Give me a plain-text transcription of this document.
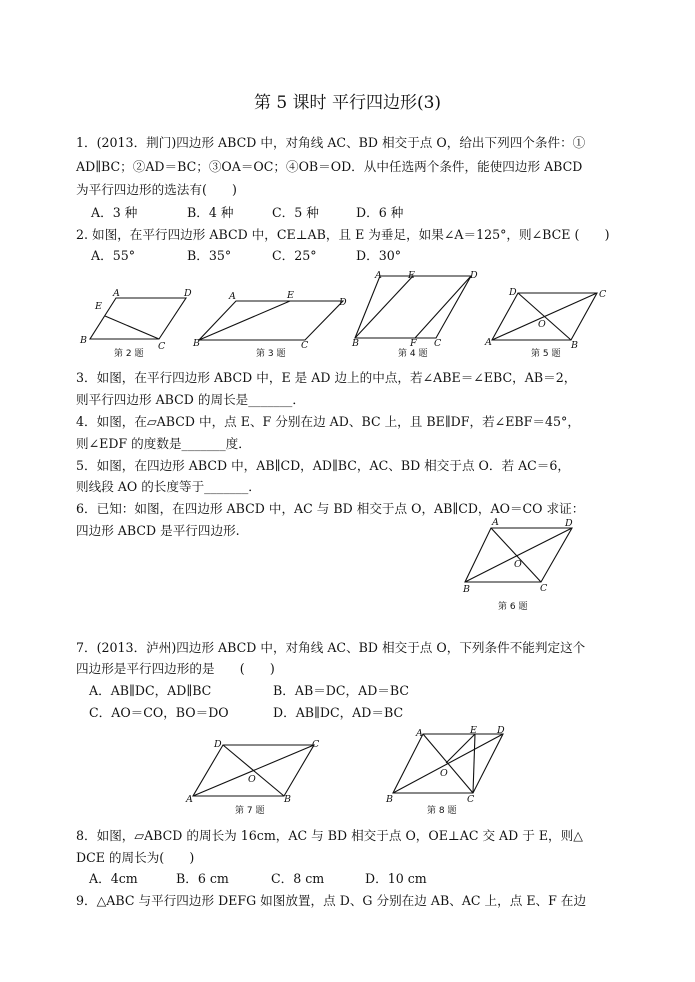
第 5 课时 平行四边形(3)
1．(2013．荆门)四边形 ABCD 中，对角线 AC、BD 相交于点 O，给出下列四个条件：①
AD∥BC；②AD＝BC；③OA＝OC；④OB＝OD．从中任选两个条件，能使四边形 ABCD
为平行四边形的选法有(　　)
A．3 种	B．4 种	C．5 种	D．6 种
2. 如图，在平行四边形 ABCD 中，CE⊥AB，且 E 为垂足，如果∠A＝125°，则∠BCE (　　)
A．55°	B．35°	C．25°	D．30°
A	D
E
B
C
第 2 题
A	E
D
B	C
第 3 题
A	E	D
B	F C
第 4 题
D	C
O
A	B
第 5 题
3．如图，在平行四边形 ABCD 中，E 是 AD 边上的中点，若∠ABE＝∠EBC，AB＝2，
则平行四边形 ABCD 的周长是_______．
4．如图，在▱ABCD 中，点 E、F 分别在边 AD、BC 上，且 BE∥DF，若∠EBF＝45°，
则∠EDF 的度数是_______度．
5．如图，在四边形 ABCD 中，AB∥CD，AD∥BC，AC、BD 相交于点 O．若 AC＝6，
则线段 AO 的长度等于_______．
6．已知：如图，在四边形 ABCD 中，AC 与 BD 相交于点 O，AB∥CD，AO＝CO 求证：
四边形 ABCD 是平行四边形.
A	D
O
B	C
第 6 题
7．(2013．泸州)四边形 ABCD 中，对角线 AC、BD 相交于点 O，下列条件不能判定这个
四边形是平行四边形的是　　(　　)
A．AB∥DC，AD∥BC	B．AB＝DC，AD＝BC
C．AO＝CO，BO＝DO	D．AB∥DC，AD＝BC
D	C
O
A	B
第 7 题
A	E D
O
B	C
第 8 题
8．如图，▱ABCD 的周长为 16cm，AC 与 BD 相交于点 O，OE⊥AC 交 AD 于 E，则△
DCE 的周长为(　　)
A．4cm	B．6 cm	C．8 cm	D．10 cm
9．△ABC 与平行四边形 DEFG 如图放置，点 D、G 分别在边 AB、AC 上，点 E、F 在边
